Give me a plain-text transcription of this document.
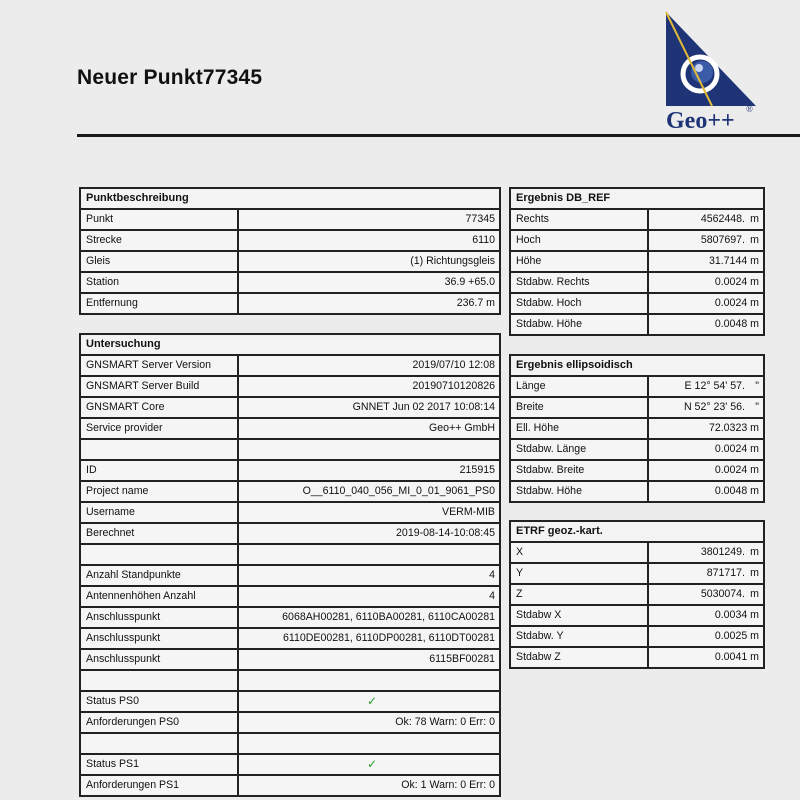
Neuer Punkt77345
Geo++ ®
Punktbeschreibung
Punkt	77345
Strecke	6110
Gleis	(1) Richtungsgleis
Station	36.9 +65.0
Entfernung	236.7 m
Untersuchung
GNSMART Server Version	2019/07/10 12:08
GNSMART Server Build	20190710120826
GNSMART Core	GNNET Jun 02 2017 10:08:14
Service provider	Geo++ GmbH
ID	215915
Project name	O__6110_040_056_MI_0_01_9061_PS0
Username	VERM-MIB
Berechnet	2019-08-14-10:08:45
Anzahl Standpunkte	4
Antennenhöhen Anzahl	4
Anschlusspunkt	6068AH00281, 6110BA00281, 6110CA00281
Anschlusspunkt	6110DE00281, 6110DP00281, 6110DT00281
Anschlusspunkt	6115BF00281
Status PS0	✓
Anforderungen PS0	Ok: 78 Warn: 0 Err: 0
Status PS1	✓
Anforderungen PS1	Ok: 1 Warn: 0 Err: 0
Ergebnis DB_REF
Rechts	4562448. m
Hoch	5807697. m
Höhe	31.7144 m
Stdabw. Rechts	0.0024 m
Stdabw. Hoch	0.0024 m
Stdabw. Höhe	0.0048 m
Ergebnis ellipsoidisch
Länge	E 12° 54' 57. "
Breite	N 52° 23' 56. "
Ell. Höhe	72.0323 m
Stdabw. Länge	0.0024 m
Stdabw. Breite	0.0024 m
Stdabw. Höhe	0.0048 m
ETRF geoz.-kart.
X	3801249. m
Y	871717. m
Z	5030074. m
Stdabw X	0.0034 m
Stdabw. Y	0.0025 m
Stdabw Z	0.0041 m
